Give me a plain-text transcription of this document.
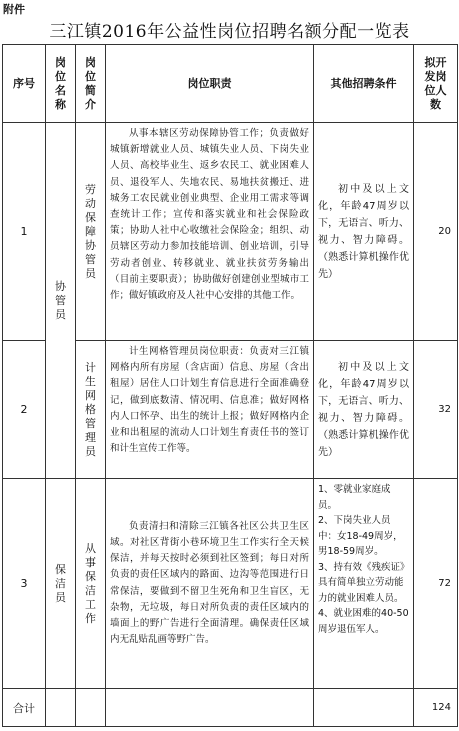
附件
三江镇2016年公益性岗位招聘名额分配一览表
序号	岗位名称	岗位简介	岗位职责	其他招聘条件	拟开发岗位人数
1	协管员	劳动保障协管员	从事本辖区劳动保障协管工作；负责做好城镇新增就业人员、城镇失业人员、下岗失业人员、高校毕业生、返乡农民工、就业困难人员、退役军人、失地农民、易地扶贫搬迁、进城务工农民就业创业典型、企业用工需求等调查统计工作；宣传和落实就业和社会保险政策；协助人社中心收缴社会保险金；组织、动员辖区劳动力参加技能培训、创业培训，引导劳动者创业、转移就业、就业扶贫劳务输出（目前主要职责）；协助做好创建创业型城市工作；做好镇政府及人社中心安排的其他工作。	初中及以上文化，年龄47周岁以下，无语言、听力、视力、智力障碍。（熟悉计算机操作优先）	20
2		计生网格管理员	计生网格管理员岗位职责：负责对三江镇网格内所有房屋（含店面）信息、房屋（含出租屋）居住人口计划生育信息进行全面准确登记，做到底数清、情况明、信息准；做好网格内人口怀孕、出生的统计上报；做好网格内企业和出租屋的流动人口计划生育责任书的签订和计生宣传工作等。	初中及以上文化，年龄47周岁以下，无语言、听力、视力、智力障碍。（熟悉计算机操作优先）	32
3	保洁员	从事保洁工作	负责清扫和清除三江镇各社区公共卫生区域。对社区背街小巷环境卫生工作实行全天候保洁，并每天按时必须到社区签到；每日对所负责的责任区域内的路面、边沟等范围进行日常保洁，要做到不留卫生死角和卫生盲区，无杂物，无垃圾，每日对所负责的责任区域内的墙面上的野广告进行全面清理。确保责任区域内无乱贴乱画等野广告。	1、零就业家庭成员。
2、下岗失业人员中：女18-49周岁，男18-59周岁。
3、持有效《残疾证》具有简单独立劳动能力的就业困难人员。
4、就业困难的40-50周岁退伍军人。	72
合计					124
